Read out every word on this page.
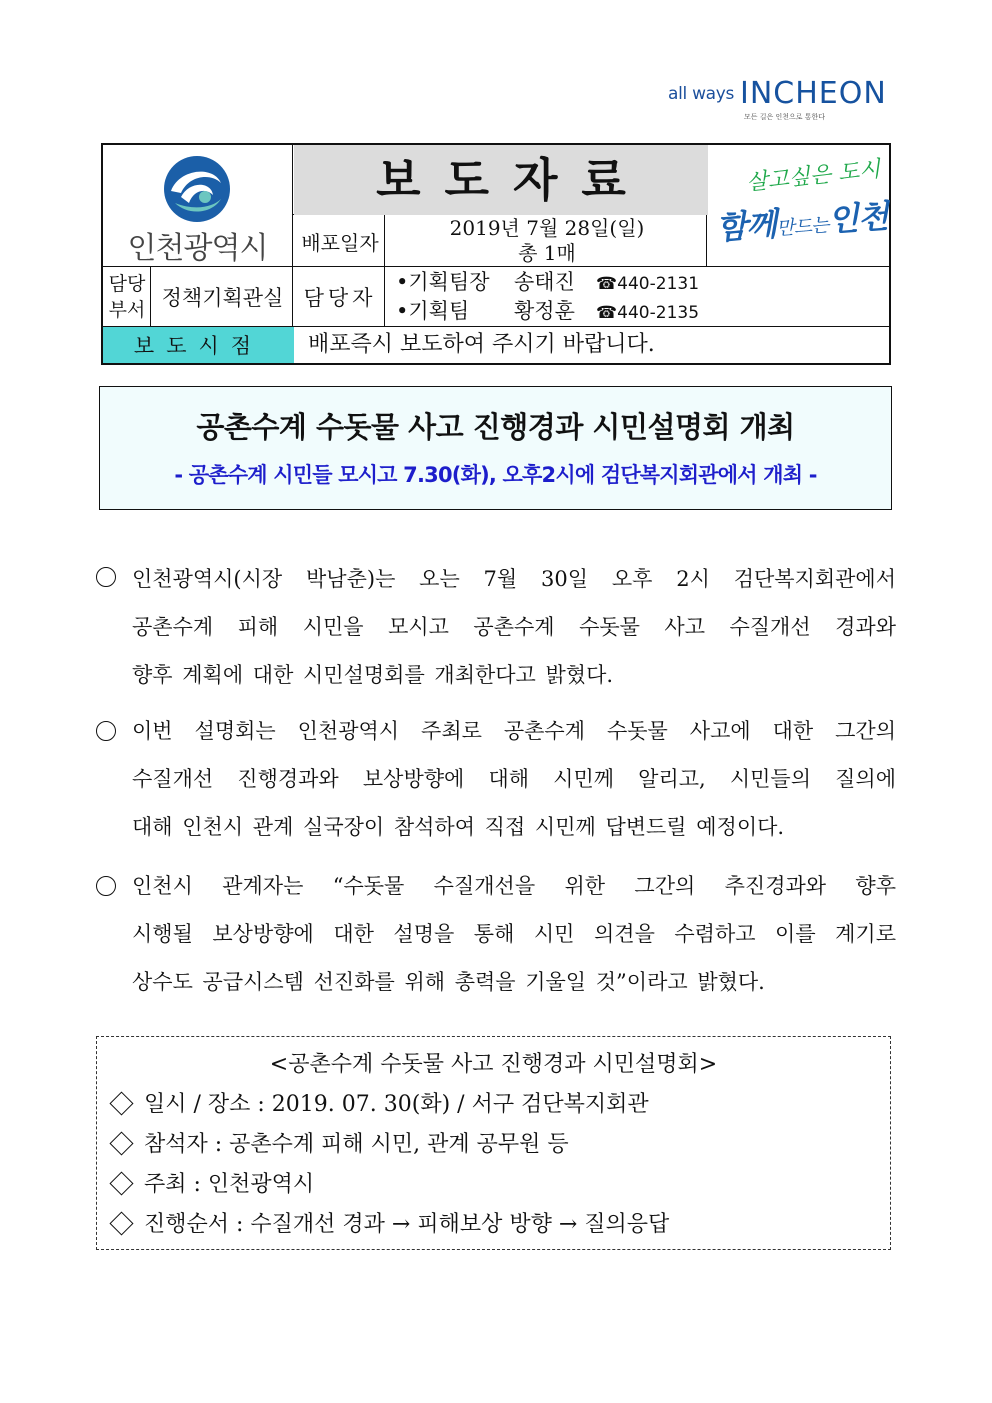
all ways INCHEON
모든 길은 인천으로 통한다
인천광역시
보도자료	살고싶은 도시
함께만드는인천
배포일자
2019년 7월 28일(일)
총 1매
담당
부서 정책기획관실 담당자
•기획팀장 송태진 ☎440-2131
•기획팀 황정훈 ☎440-2135
보도시점	배포즉시 보도하여 주시기 바랍니다.
공촌수계 수돗물 사고 진행경과 시민설명회 개최
- 공촌수계 시민들 모시고 7.30(화), 오후2시에 검단복지회관에서 개최 -
인천광역시(시장 박남춘)는 오는 7월 30일 오후 2시 검단복지회관에서
공촌수계 피해 시민을 모시고 공촌수계 수돗물 사고 수질개선 경과와
향후 계획에 대한 시민설명회를 개최한다고 밝혔다.
이번 설명회는 인천광역시 주최로 공촌수계 수돗물 사고에 대한 그간의
수질개선 진행경과와 보상방향에 대해 시민께 알리고, 시민들의 질의에
대해 인천시 관계 실국장이 참석하여 직접 시민께 답변드릴 예정이다.
인천시 관계자는 “수돗물 수질개선을 위한 그간의 추진경과와 향후
시행될 보상방향에 대한 설명을 통해 시민 의견을 수렴하고 이를 계기로
상수도 공급시스템 선진화를 위해 총력을 기울일 것”이라고 밝혔다.
<공촌수계 수돗물 사고 진행경과 시민설명회>
일시 / 장소 : 2019. 07. 30(화) / 서구 검단복지회관
참석자 : 공촌수계 피해 시민, 관계 공무원 등
주최 : 인천광역시
진행순서 : 수질개선 경과 → 피해보상 방향 → 질의응답
